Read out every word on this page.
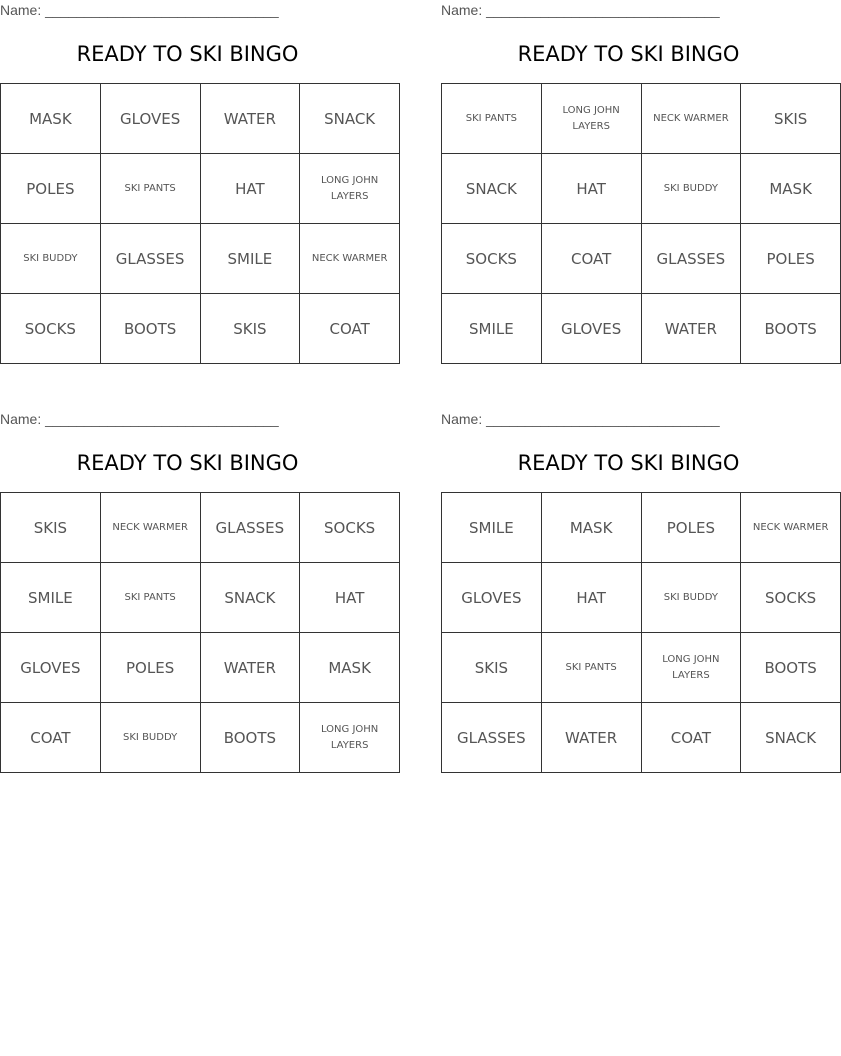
Name: ______________________________
READY TO SKI BINGO
MASK	GLOVES	WATER	SNACK
POLES	SKI PANTS	HAT	LONG JOHN LAYERS
SKI BUDDY	GLASSES	SMILE	NECK WARMER
SOCKS	BOOTS	SKIS	COAT
Name: ______________________________
READY TO SKI BINGO
SKI PANTS	LONG JOHN LAYERS	NECK WARMER	SKIS
SNACK	HAT	SKI BUDDY	MASK
SOCKS	COAT	GLASSES	POLES
SMILE	GLOVES	WATER	BOOTS
Name: ______________________________
READY TO SKI BINGO
SKIS	NECK WARMER	GLASSES	SOCKS
SMILE	SKI PANTS	SNACK	HAT
GLOVES	POLES	WATER	MASK
COAT	SKI BUDDY	BOOTS	LONG JOHN LAYERS
Name: ______________________________
READY TO SKI BINGO
SMILE	MASK	POLES	NECK WARMER
GLOVES	HAT	SKI BUDDY	SOCKS
SKIS	SKI PANTS	LONG JOHN LAYERS	BOOTS
GLASSES	WATER	COAT	SNACK
